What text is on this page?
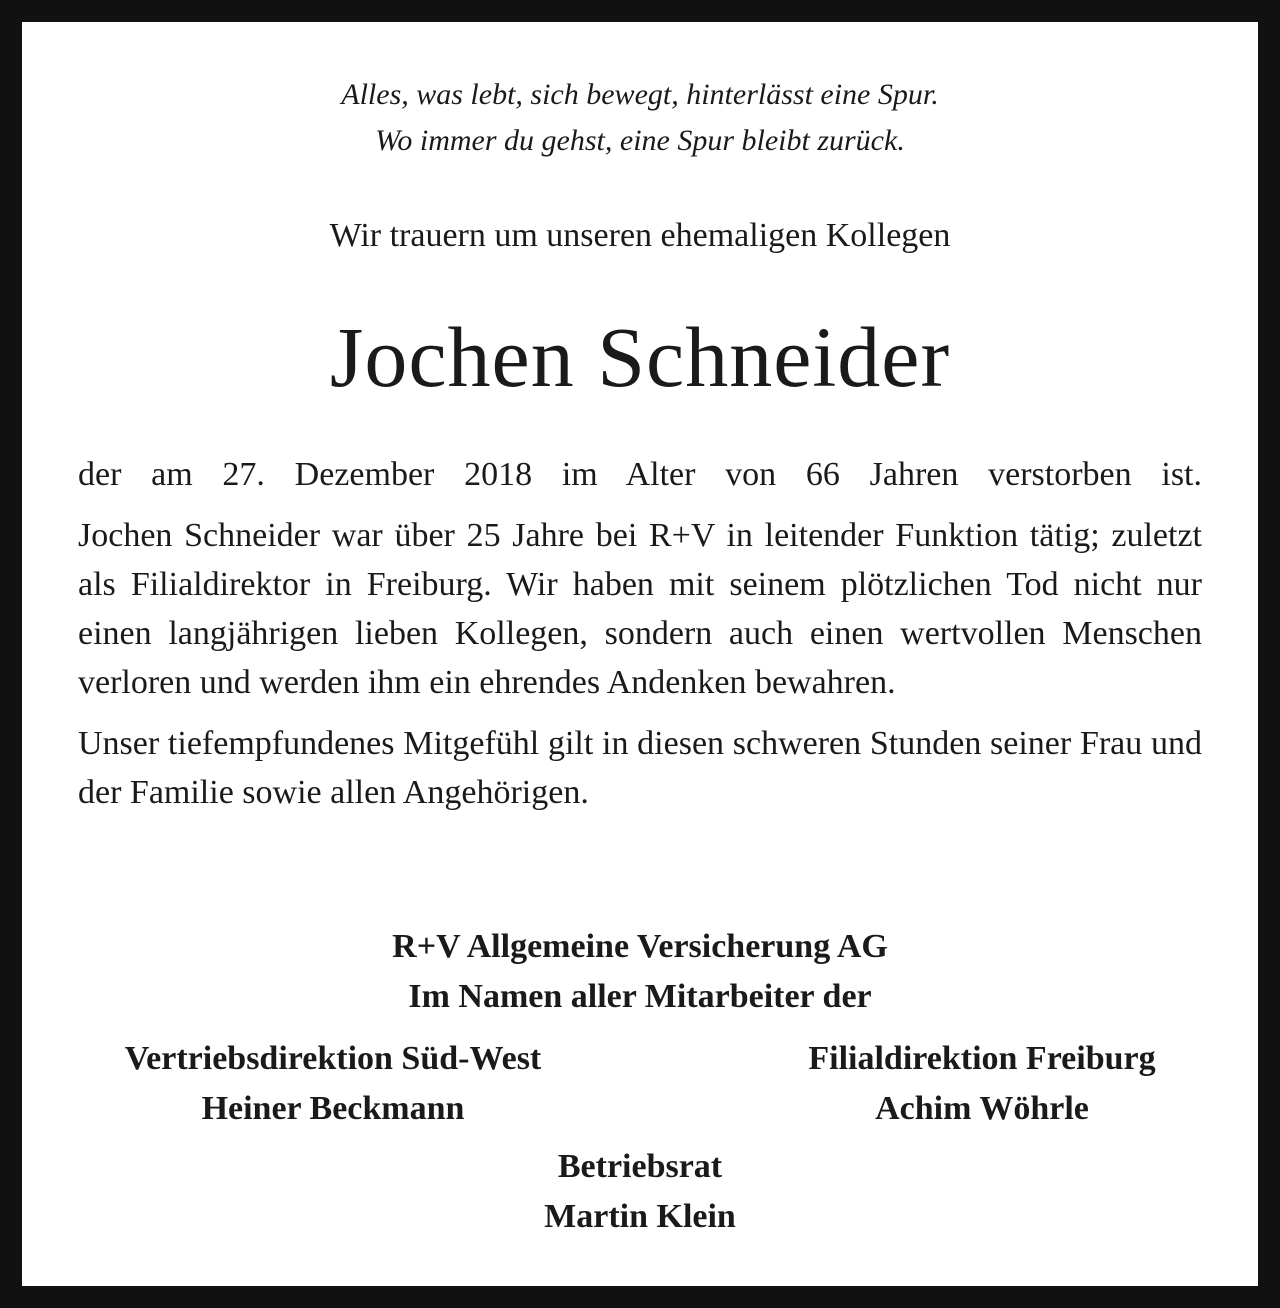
Alles, was lebt, sich bewegt, hinterlässt eine Spur.
Wo immer du gehst, eine Spur bleibt zurück.
Wir trauern um unseren ehemaligen Kollegen
Jochen Schneider

der am 27. Dezember 2018 im Alter von 66 Jahren verstorben ist.

Jochen Schneider war über 25 Jahre bei R+V in leitender Funktion tätig; zuletzt als Filialdirektor in Freiburg. Wir haben mit seinem plötzlichen Tod nicht nur einen langjährigen lieben Kollegen, sondern auch einen wertvollen Menschen verloren und werden ihm ein ehrendes Andenken bewahren.

Unser tiefempfundenes Mitgefühl gilt in diesen schweren Stunden seiner Frau und der Familie sowie allen Angehörigen.

R+V Allgemeine Versicherung AG
Im Namen aller Mitarbeiter der
Vertriebsdirektion Süd-West
Heiner Beckmann
Filialdirektion Freiburg
Achim Wöhrle
Betriebsrat
Martin Klein
